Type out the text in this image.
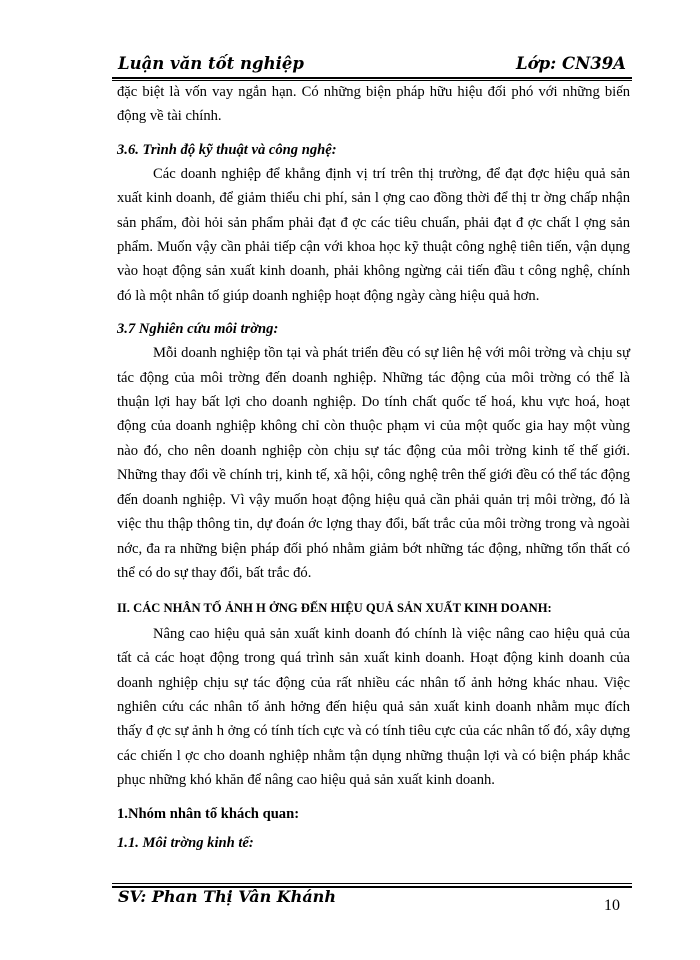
Luận văn tốt nghiệp	Lớp: CN39A

đặc biệt là vốn vay ngắn hạn. Có những biện pháp hữu hiệu đối phó với những biến động về tài chính.

3.6. Trình độ kỹ thuật và công nghệ:

Các doanh nghiệp để khẳng định vị trí trên thị trường, để đạt đợc hiệu quả sản xuất kinh doanh, để giảm thiểu chi phí, sản l ợng cao đồng thời để thị tr ờng chấp nhận sản phẩm, đòi hỏi sản phẩm phải đạt đ ợc các tiêu chuẩn, phải đạt đ ợc chất l ợng sản phẩm. Muốn vậy cần phải tiếp cận với khoa học kỹ thuật công nghệ tiên tiến, vận dụng vào hoạt động sản xuất kinh doanh, phải không ngừng cải tiến đầu t công nghệ, chính đó là một nhân tố giúp doanh nghiệp hoạt động ngày càng hiệu quả hơn.

3.7 Nghiên cứu môi trờng:

Mỗi doanh nghiệp tồn tại và phát triển đều có sự liên hệ với môi trờng và chịu sự tác động của môi trờng đến doanh nghiệp. Những tác động của môi trờng có thể là thuận lợi hay bất lợi cho doanh nghiệp. Do tính chất quốc tế hoá, khu vực hoá, hoạt động của doanh nghiệp không chỉ còn thuộc phạm vi của một quốc gia hay một vùng nào đó, cho nên doanh nghiệp còn chịu sự tác động của môi trờng kinh tế thế giới. Những thay đổi về chính trị, kinh tế, xã hội, công nghệ trên thế giới đều có thể tác động đến doanh nghiệp. Vì vậy muốn hoạt động hiệu quả cần phải quản trị môi trờng, đó là việc thu thập thông tin, dự đoán ớc lợng thay đổi, bất trắc của môi trờng trong và ngoài nớc, đa ra những biện pháp đối phó nhằm giảm bớt những tác động, những tổn thất có thể có do sự thay đổi, bất trắc đó.

II. CÁC NHÂN TỐ ẢNH H ỞNG ĐẾN HIỆU QUẢ SẢN XUẤT KINH DOANH:

Nâng cao hiệu quả sản xuất kinh doanh đó chính là việc nâng cao hiệu quả của tất cả các hoạt động trong quá trình sản xuất kinh doanh. Hoạt động kinh doanh của doanh nghiệp chịu sự tác động của rất nhiều các nhân tố ảnh hởng khác nhau. Việc nghiên cứu các nhân tố ảnh hởng đến hiệu quả sản xuất kinh doanh nhằm mục đích thấy đ ợc sự ảnh h ởng có tính tích cực và có tính tiêu cực của các nhân tố đó, xây dựng các chiến l ợc cho doanh nghiệp nhằm tận dụng những thuận lợi và có biện pháp khắc phục những khó khăn để nâng cao hiệu quả sản xuất kinh doanh.

1.Nhóm nhân tố khách quan:

1.1. Môi trờng kinh tế:

SV: Phan Thị Vân Khánh	10
